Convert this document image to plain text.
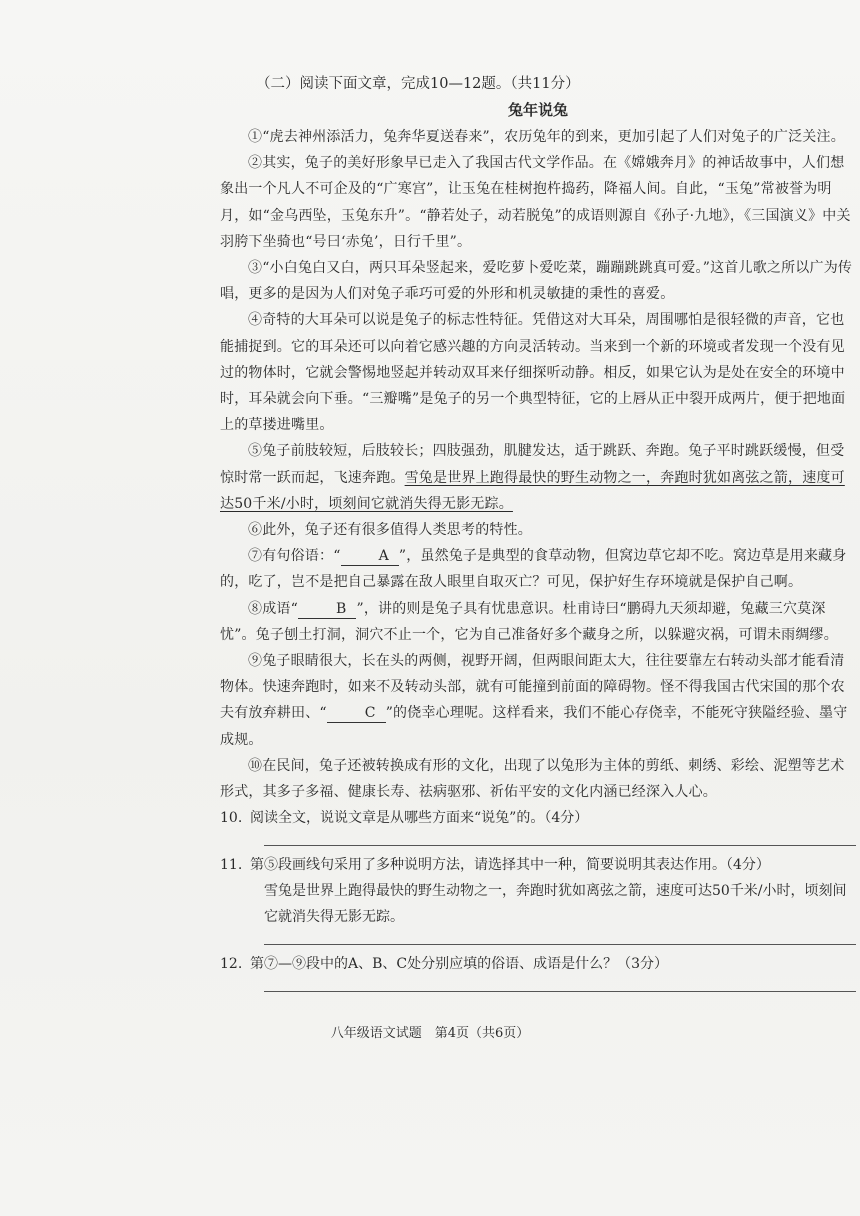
（二）阅读下面文章，完成10—12题。（共11分）
兔年说兔

①“虎去神州添活力，兔奔华夏送春来”，农历兔年的到来，更加引起了人们对兔子的广泛关注。

②其实，兔子的美好形象早已走入了我国古代文学作品。在《嫦娥奔月》的神话故事中，人们想象出一个凡人不可企及的“广寒宫”，让玉兔在桂树抱杵捣药，降福人间。自此，“玉兔”常被誉为明月，如“金乌西坠，玉兔东升”。“静若处子，动若脱兔”的成语则源自《孙子·九地》，《三国演义》中关羽胯下坐骑也“号曰‘赤兔’，日行千里”。

③“小白兔白又白，两只耳朵竖起来，爱吃萝卜爱吃菜，蹦蹦跳跳真可爱。”这首儿歌之所以广为传唱，更多的是因为人们对兔子乖巧可爱的外形和机灵敏捷的秉性的喜爱。

④奇特的大耳朵可以说是兔子的标志性特征。凭借这对大耳朵，周围哪怕是很轻微的声音，它也能捕捉到。它的耳朵还可以向着它感兴趣的方向灵活转动。当来到一个新的环境或者发现一个没有见过的物体时，它就会警惕地竖起并转动双耳来仔细探听动静。相反，如果它认为是处在安全的环境中时，耳朵就会向下垂。“三瓣嘴”是兔子的另一个典型特征，它的上唇从正中裂开成两片，便于把地面上的草搂进嘴里。

⑤兔子前肢较短，后肢较长；四肢强劲，肌腱发达，适于跳跃、奔跑。兔子平时跳跃缓慢，但受惊时常一跃而起，飞速奔跑。雪兔是世界上跑得最快的野生动物之一，奔跑时犹如离弦之箭，速度可达50千米/小时，顷刻间它就消失得无影无踪。

⑥此外，兔子还有很多值得人类思考的特性。

⑦有句俗语：“	A ”，虽然兔子是典型的食草动物，但窝边草它却不吃。窝边草是用来藏身的，吃了，岂不是把自己暴露在敌人眼里自取灭亡？可见，保护好生存环境就是保护自己啊。

⑧成语“	B ”，讲的则是兔子具有忧患意识。杜甫诗曰“鹏碍九天须却避，兔藏三穴莫深忧”。兔子刨土打洞，洞穴不止一个，它为自己准备好多个藏身之所，以躲避灾祸，可谓未雨绸缪。

⑨兔子眼睛很大，长在头的两侧，视野开阔，但两眼间距太大，往往要靠左右转动头部才能看清物体。快速奔跑时，如来不及转动头部，就有可能撞到前面的障碍物。怪不得我国古代宋国的那个农夫有放弃耕田、“	C ”的侥幸心理呢。这样看来，我们不能心存侥幸，不能死守狭隘经验、墨守成规。

⑩在民间，兔子还被转换成有形的文化，出现了以兔形为主体的剪纸、刺绣、彩绘、泥塑等艺术形式，其多子多福、健康长寿、祛病驱邪、祈佑平安的文化内涵已经深入人心。

10. 阅读全文，说说文章是从哪些方面来“说兔”的。（4分）

11. 第⑤段画线句采用了多种说明方法，请选择其中一种，简要说明其表达作用。（4分）

雪兔是世界上跑得最快的野生动物之一，奔跑时犹如离弦之箭，速度可达50千米/小时，顷刻间它就消失得无影无踪。

12. 第⑦—⑨段中的A、B、C处分别应填的俗语、成语是什么？（3分）

八年级语文试题　第4页（共6页）
